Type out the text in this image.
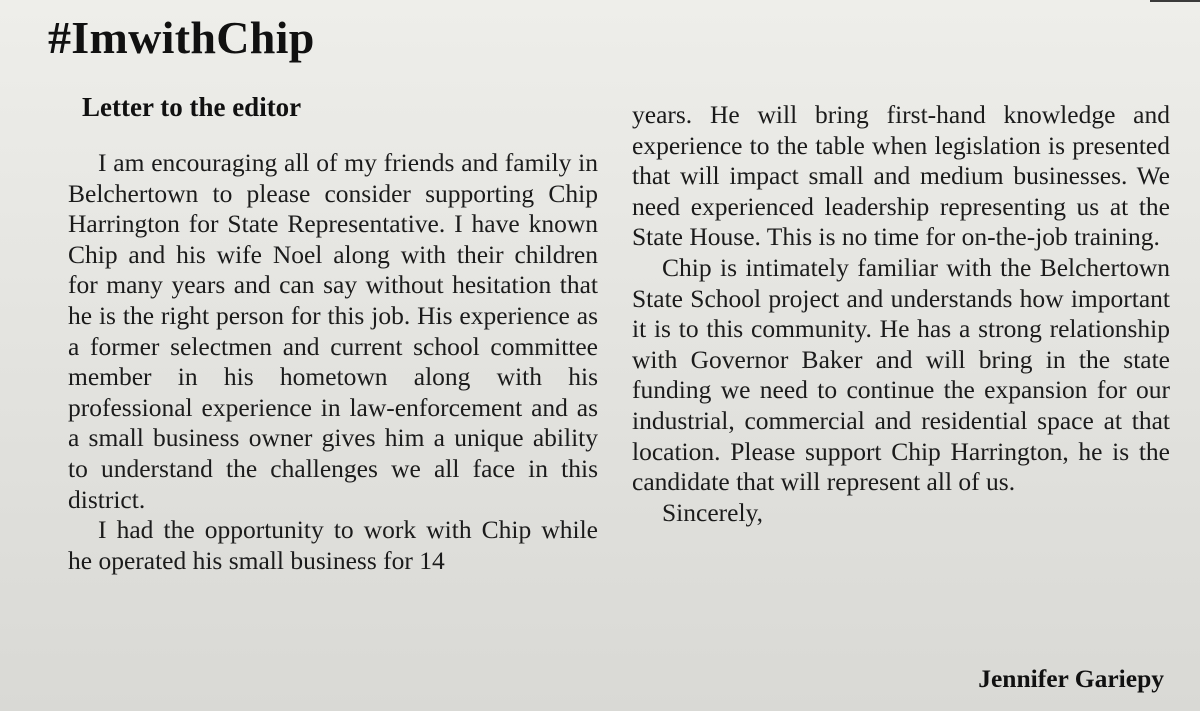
#ImwithChip

Letter to the editor

I am encouraging all of my friends and family in Belchertown to please consider supporting Chip Harrington for State Representative. I have known Chip and his wife Noel along with their children for many years and can say without hesitation that he is the right person for this job. His experience as a former selectmen and current school committee member in his hometown along with his professional experience in law-enforcement and as a small business owner gives him a unique ability to understand the challenges we all face in this district.

I had the opportunity to work with Chip while he operated his small business for 14

years. He will bring first-hand knowledge and experience to the table when legislation is presented that will impact small and medium businesses. We need experienced leadership representing us at the State House. This is no time for on-the-job training.

Chip is intimately familiar with the Belchertown State School project and understands how important it is to this community. He has a strong relationship with Governor Baker and will bring in the state funding we need to continue the expansion for our industrial, commercial and residential space at that location. Please support Chip Harrington, he is the candidate that will represent all of us.

Sincerely,

Jennifer Gariepy
